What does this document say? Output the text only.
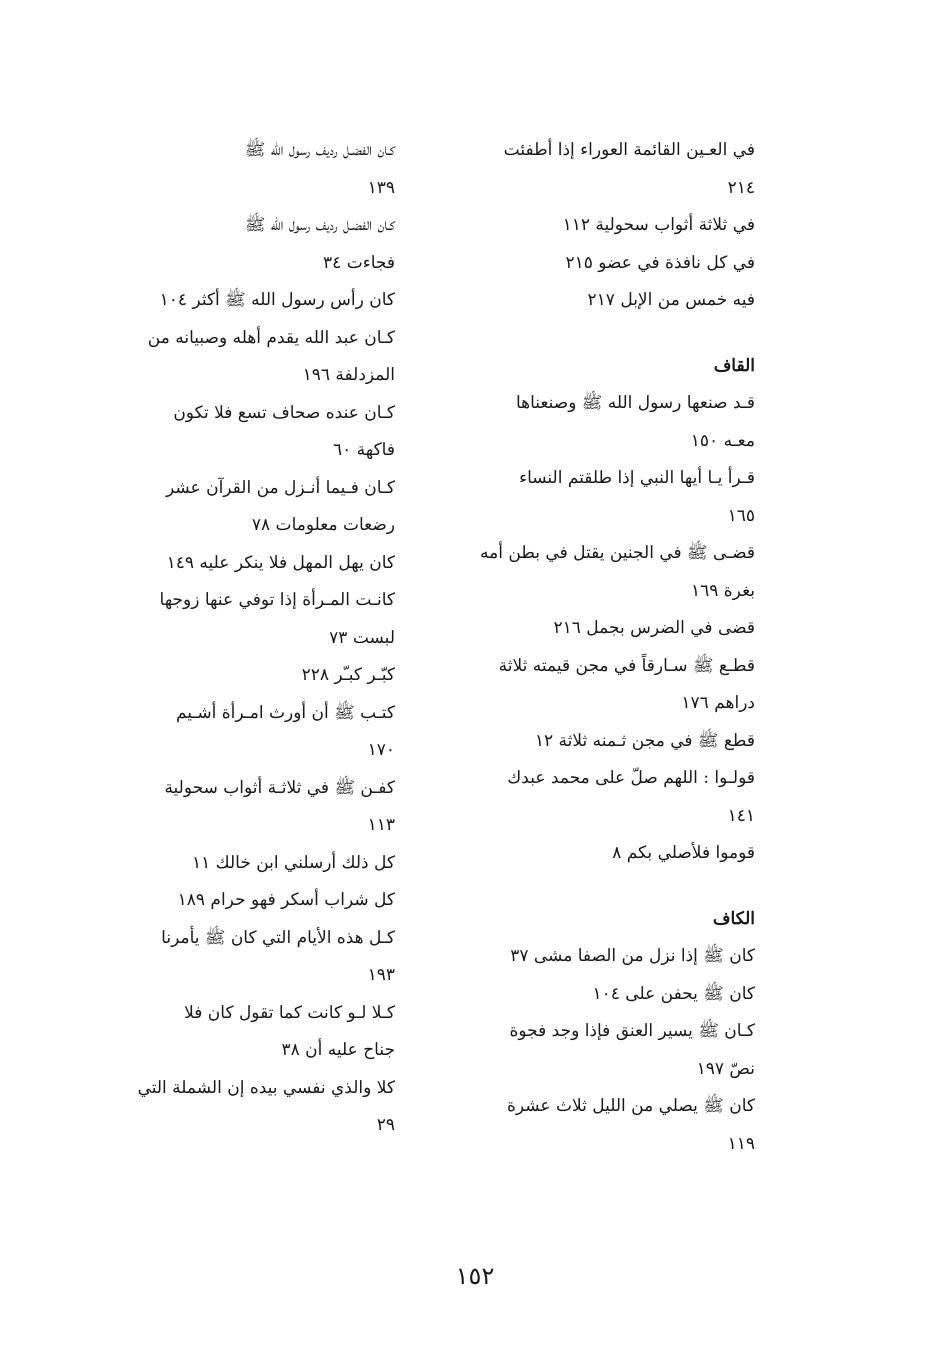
في العـين القائمة العوراء إذا أطفئت
٢١٤
في ثلاثة أثواب سحولية ١١٢
في كل نافذة في عضو ٢١٥
فيه خمس من الإبل ٢١٧
القاف
قـد صنعها رسول الله ﷺ وصنعناها
معـه ١٥٠
قـرأ يـا أيها النبي إذا طلقتم النساء
١٦٥
قضـى ﷺ في الجنين يقتل في بطن أمه
بغرة ١٦٩
قضى في الضرس بجمل ٢١٦
قطـع ﷺ سـارقاً في مجن قيمته ثلاثة
دراهم ١٧٦
قطع ﷺ في مجن ثـمنه ثلاثة ١٢
قولـوا : اللهم صلّ على محمد عبدك
١٤١
قوموا فلأصلي بكم ٨
الكاف
كان ﷺ إذا نزل من الصفا مشى ٣٧
كان ﷺ يحفن على ١٠٤
كـان ﷺ يسير العنق فإذا وجد فجوة
نصّ ١٩٧
كان ﷺ يصلي من الليل ثلاث عشرة
١١٩
كـان الفضـل رديف رسول الله ﷺ
١٣٩
كـان الفضـل رديف رسول الله ﷺ
فجاءت ٣٤
كان رأس رسول الله ﷺ أكثر ١٠٤
كـان عبد الله يقدم أهله وصبيانه من
المزدلفة ١٩٦
كـان عنده صحاف تسع فلا تكون
فاكهة ٦٠
كـان فـيما أنـزل من القرآن عشر
رضعات معلومات ٧٨
كان يهل المهل فلا ينكر عليه ١٤٩
كانـت المـرأة إذا توفي عنها زوجها
لبست ٧٣
كبّـر كبـّر ٢٢٨
كتـب ﷺ أن أورث امـرأة أشـيم
١٧٠
كفـن ﷺ في ثلاثـة أثواب سحولية
١١٣
كل ذلك أرسلني ابن خالك ١١
كل شراب أسكر فهو حرام ١٨٩
كـل هذه الأيام التي كان ﷺ يأمرنا
١٩٣
كـلا لـو كانت كما تقول كان فلا
جناح عليه أن ٣٨
كلا والذي نفسي بيده إن الشملة التي
٢٩
١٥٢
